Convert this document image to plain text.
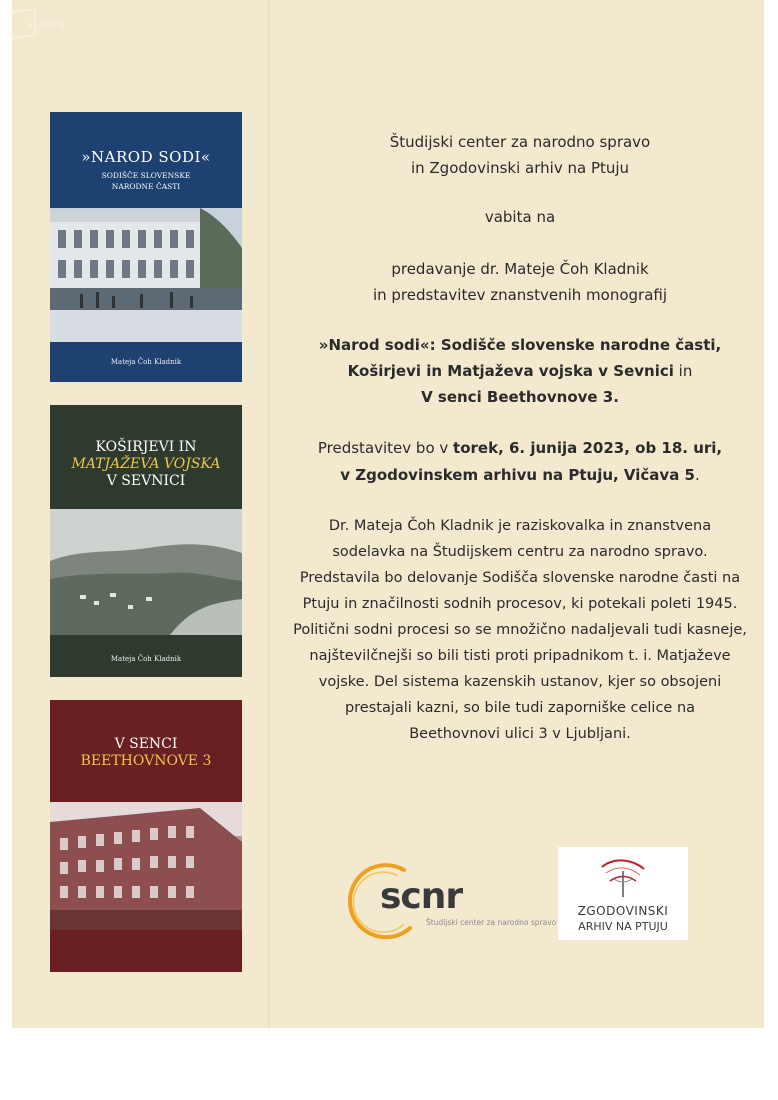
kultura
»NAROD SODI«
SODIŠČE SLOVENSKE
NARODNE ČASTI
Mateja Čoh Kladnik
KOŠIRJEVI IN
MATJAŽEVA VOJSKA
V SEVNICI
Mateja Čoh Kladnik
V SENCI
BEETHOVNOVE 3
Študijski center za narodno spravo
in Zgodovinski arhiv na Ptuju
vabita na
predavanje dr. Mateje Čoh Kladnik
in predstavitev znanstvenih monografij
»Narod sodi«: Sodišče slovenske narodne časti,
Koširjevi in Matjaževa vojska v Sevnici in
V senci Beethovnove 3.
Predstavitev bo v torek, 6. junija 2023, ob 18. uri,
v Zgodovinskem arhivu na Ptuju, Vičava 5.
Dr. Mateja Čoh Kladnik je raziskovalka in znanstvena
sodelavka na Študijskem centru za narodno spravo.
Predstavila bo delovanje Sodišča slovenske narodne časti na
Ptuju in značilnosti sodnih procesov, ki potekali poleti 1945.
Politični sodni procesi so se množično nadaljevali tudi kasneje,
najštevilčnejši so bili tisti proti pripadnikom t. i. Matjaževe
vojske. Del sistema kazenskih ustanov, kjer so obsojeni
prestajali kazni, so bile tudi zaporniške celice na
Beethovnovi ulici 3 v Ljubljani.
scnr
Študijski center za narodno spravo
ZGODOVINSKI
ARHIV NA PTUJU
